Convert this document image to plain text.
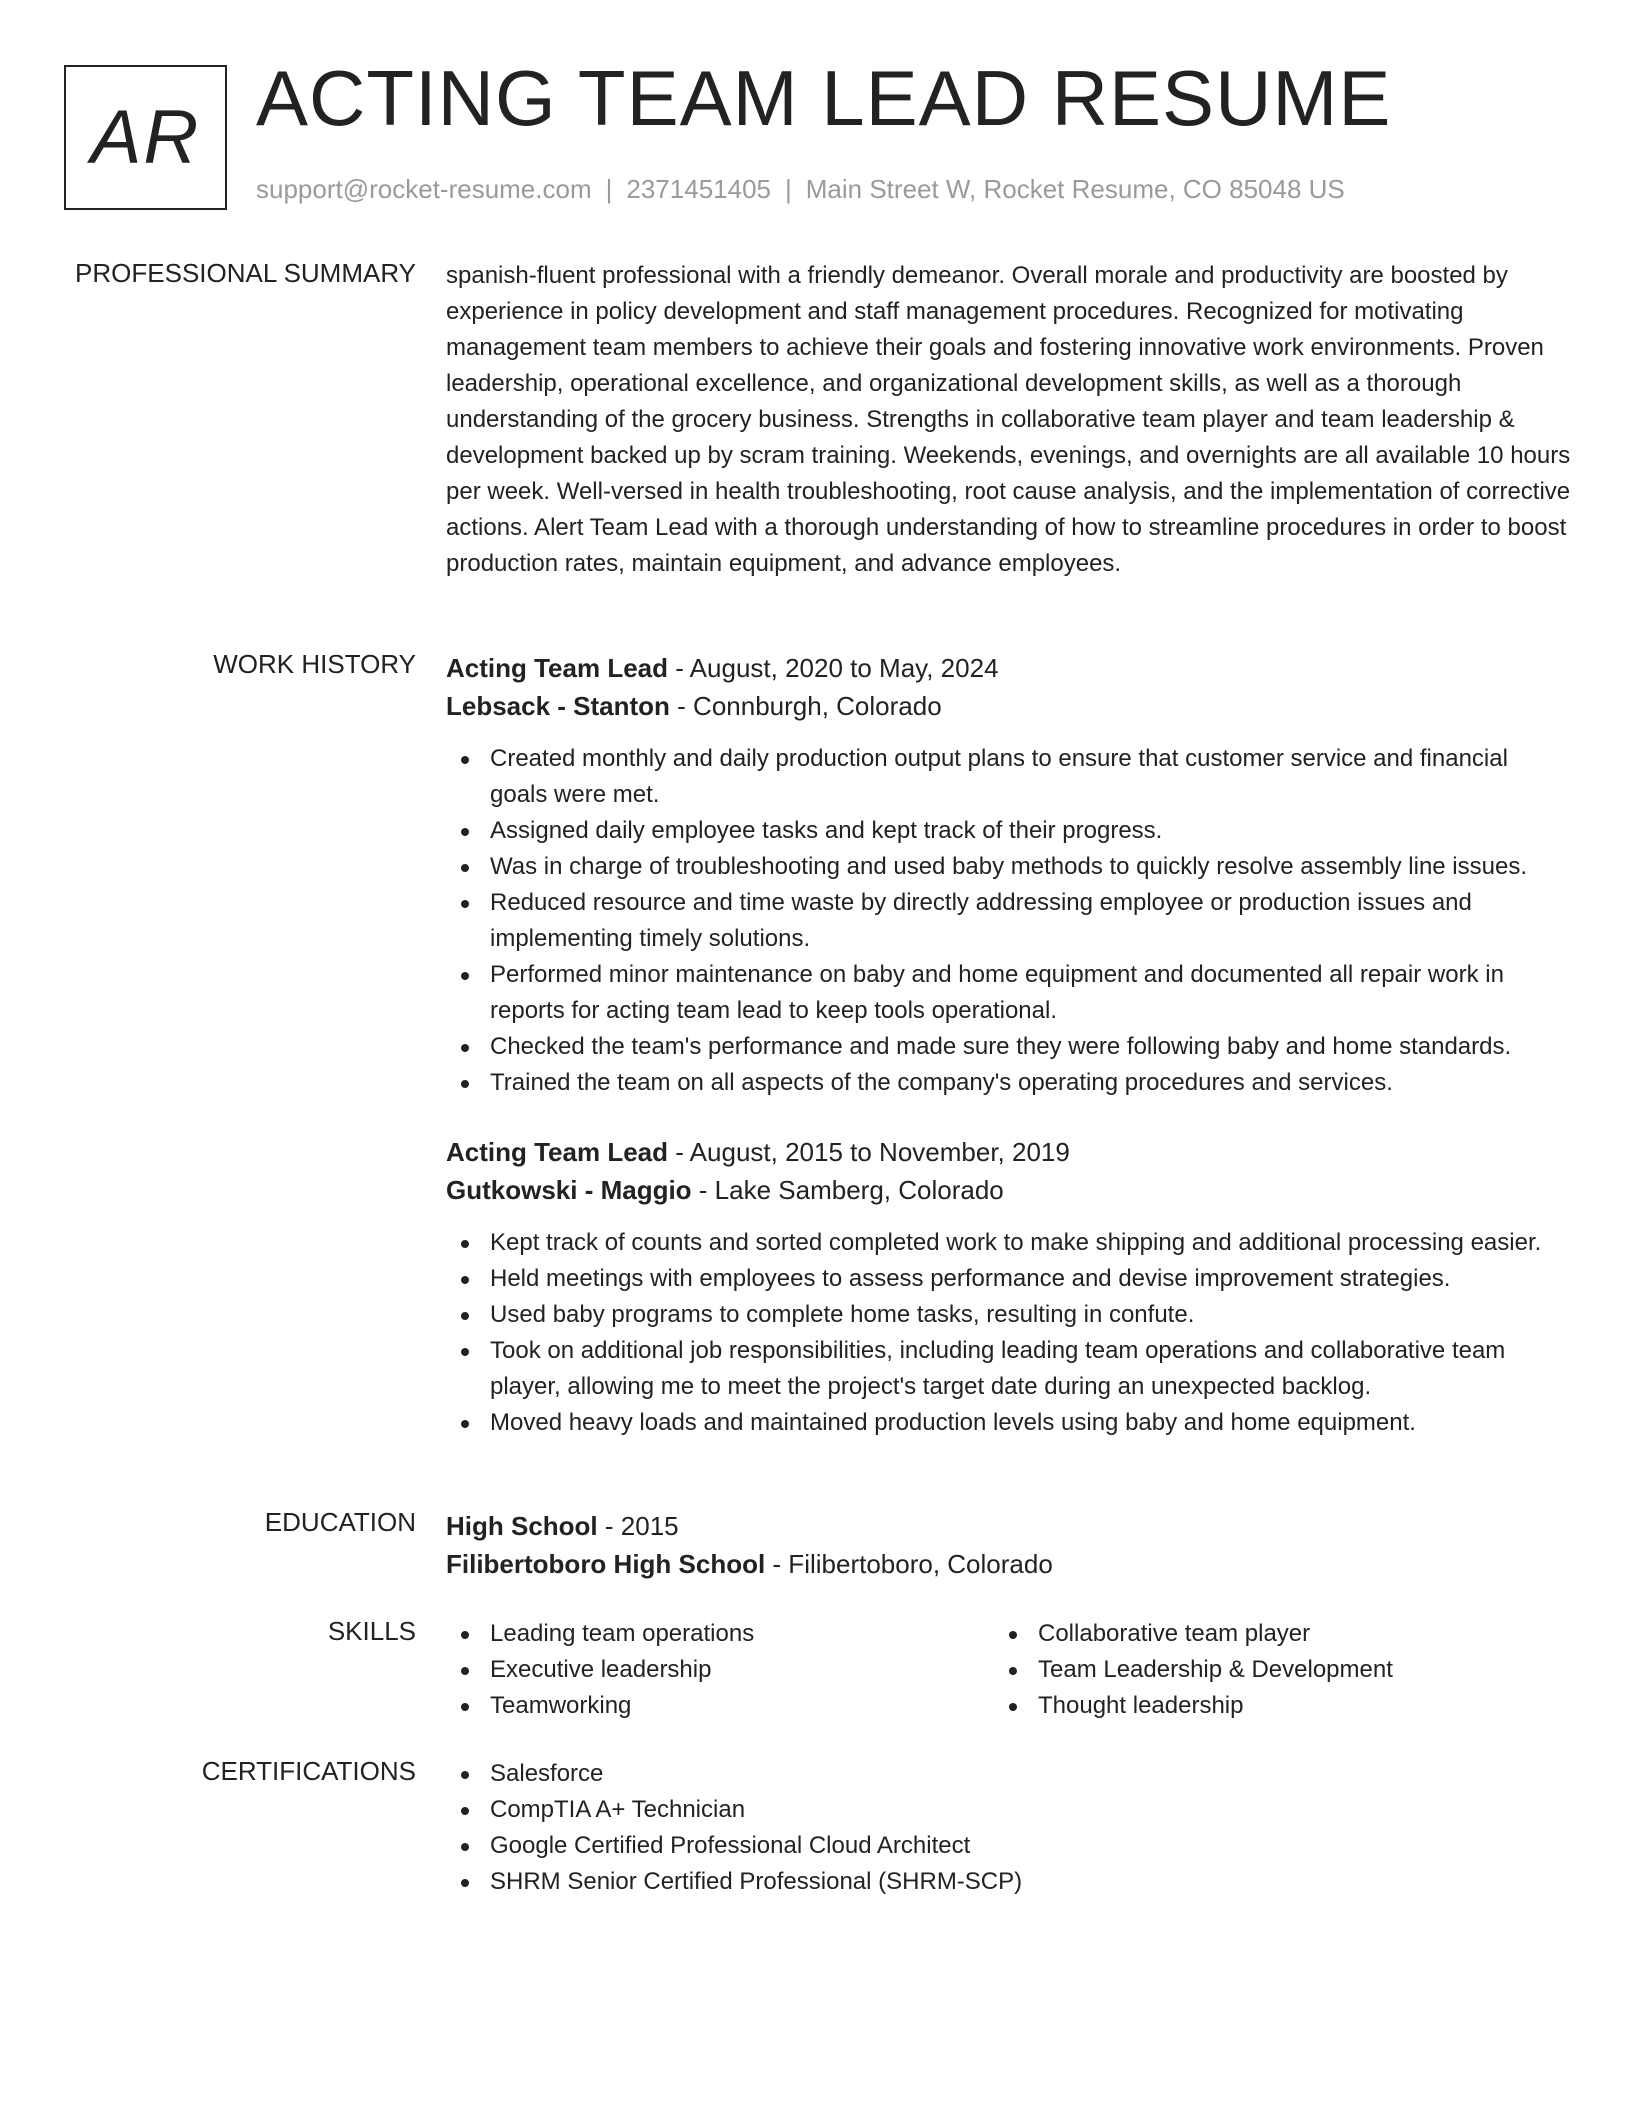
AR ACTING TEAM LEAD RESUME
support@rocket-resume.com | 2371451405 | Main Street W, Rocket Resume, CO 85048 US
PROFESSIONAL SUMMARY spanish-fluent professional with a friendly demeanor. Overall morale and productivity are boosted by experience in policy development and staff management procedures. Recognized for motivating management team members to achieve their goals and fostering innovative work environments. Proven leadership, operational excellence, and organizational development skills, as well as a thorough understanding of the grocery business. Strengths in collaborative team player and team leadership & development backed up by scram training. Weekends, evenings, and overnights are all available 10 hours per week. Well-versed in health troubleshooting, root cause analysis, and the implementation of corrective actions. Alert Team Lead with a thorough understanding of how to streamline procedures in order to boost production rates, maintain equipment, and advance employees.
WORK HISTORY Acting Team Lead - August, 2020 to May, 2024
Lebsack - Stanton - Connburgh, Colorado
Created monthly and daily production output plans to ensure that customer service and financial goals were met.
Assigned daily employee tasks and kept track of their progress.
Was in charge of troubleshooting and used baby methods to quickly resolve assembly line issues.
Reduced resource and time waste by directly addressing employee or production issues and implementing timely solutions.
Performed minor maintenance on baby and home equipment and documented all repair work in reports for acting team lead to keep tools operational.
Checked the team's performance and made sure they were following baby and home standards.
Trained the team on all aspects of the company's operating procedures and services.
Acting Team Lead - August, 2015 to November, 2019
Gutkowski - Maggio - Lake Samberg, Colorado
Kept track of counts and sorted completed work to make shipping and additional processing easier.
Held meetings with employees to assess performance and devise improvement strategies.
Used baby programs to complete home tasks, resulting in confute.
Took on additional job responsibilities, including leading team operations and collaborative team player, allowing me to meet the project's target date during an unexpected backlog.
Moved heavy loads and maintained production levels using baby and home equipment.
EDUCATION High School - 2015
Filibertoboro High School - Filibertoboro, Colorado
SKILLS	Leading team operations
Executive leadership
Teamworking
Collaborative team player
Team Leadership & Development
Thought leadership
CERTIFICATIONS	Salesforce
CompTIA A+ Technician
Google Certified Professional Cloud Architect
SHRM Senior Certified Professional (SHRM-SCP)
